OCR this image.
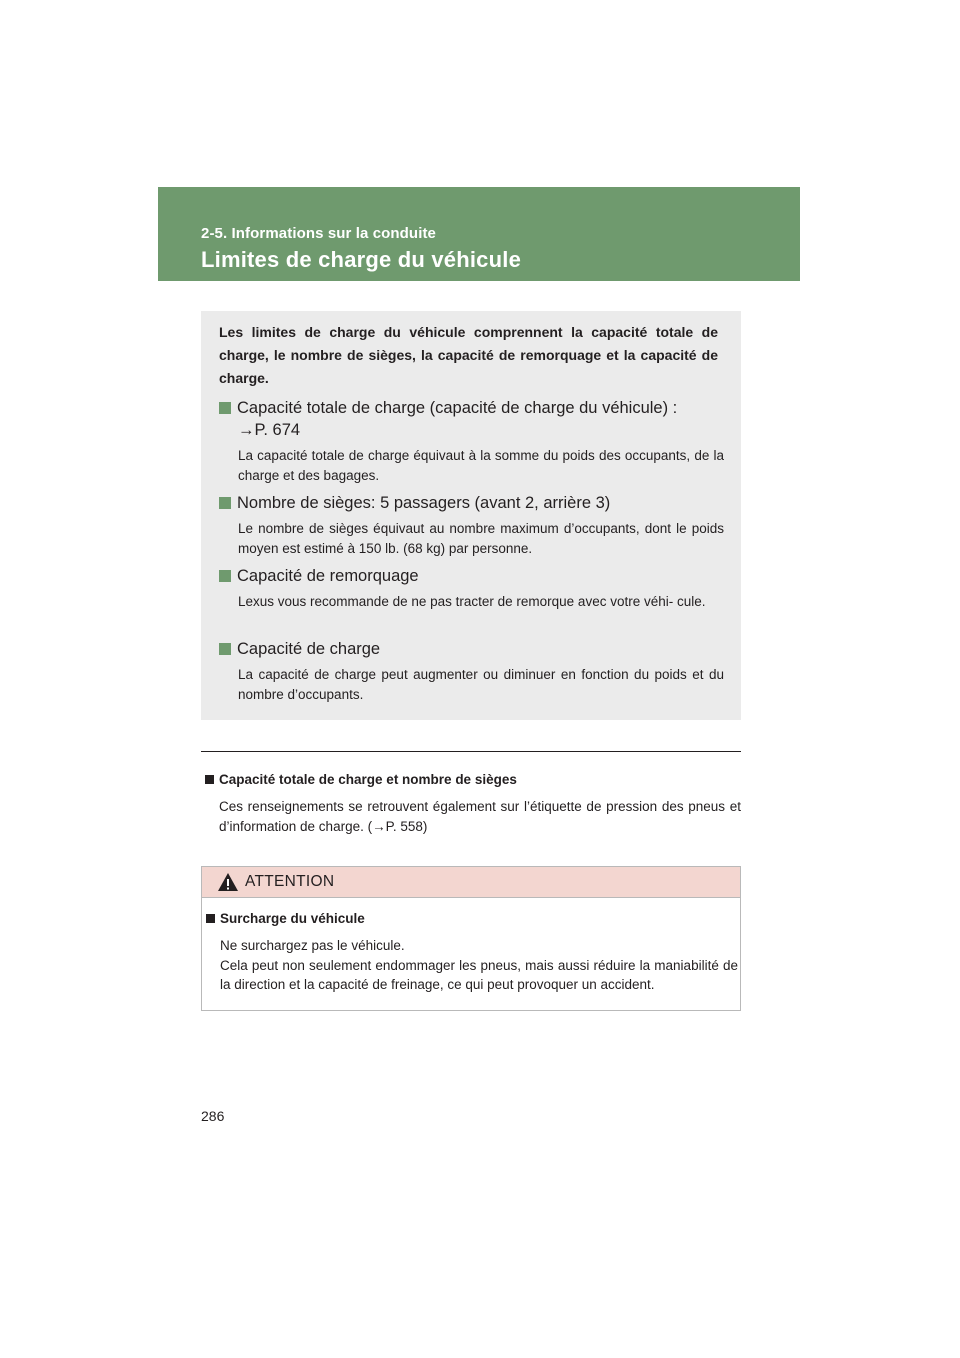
2-5. Informations sur la conduite
Limites de charge du véhicule
Les limites de charge du véhicule comprennent la capacité totale de charge, le nombre de sièges, la capacité de remorquage et la capacité de charge.
Capacité totale de charge (capacité de charge du véhicule) :
→P. 674
La capacité totale de charge équivaut à la somme du poids des occupants, de la charge et des bagages.
Nombre de sièges: 5 passagers (avant 2, arrière 3)
Le nombre de sièges équivaut au nombre maximum d’occupants, dont le poids moyen est estimé à 150 lb. (68 kg) par personne.
Capacité de remorquage
Lexus vous recommande de ne pas tracter de remorque avec votre véhi- cule.
Capacité de charge
La capacité de charge peut augmenter ou diminuer en fonction du poids et du nombre d’occupants.
Capacité totale de charge et nombre de sièges
Ces renseignements se retrouvent également sur l’étiquette de pression des pneus et d’information de charge. (→P. 558)
ATTENTION
Surcharge du véhicule
Ne surchargez pas le véhicule.
Cela peut non seulement endommager les pneus, mais aussi réduire la maniabilité de la direction et la capacité de freinage, ce qui peut provoquer un accident.
286
